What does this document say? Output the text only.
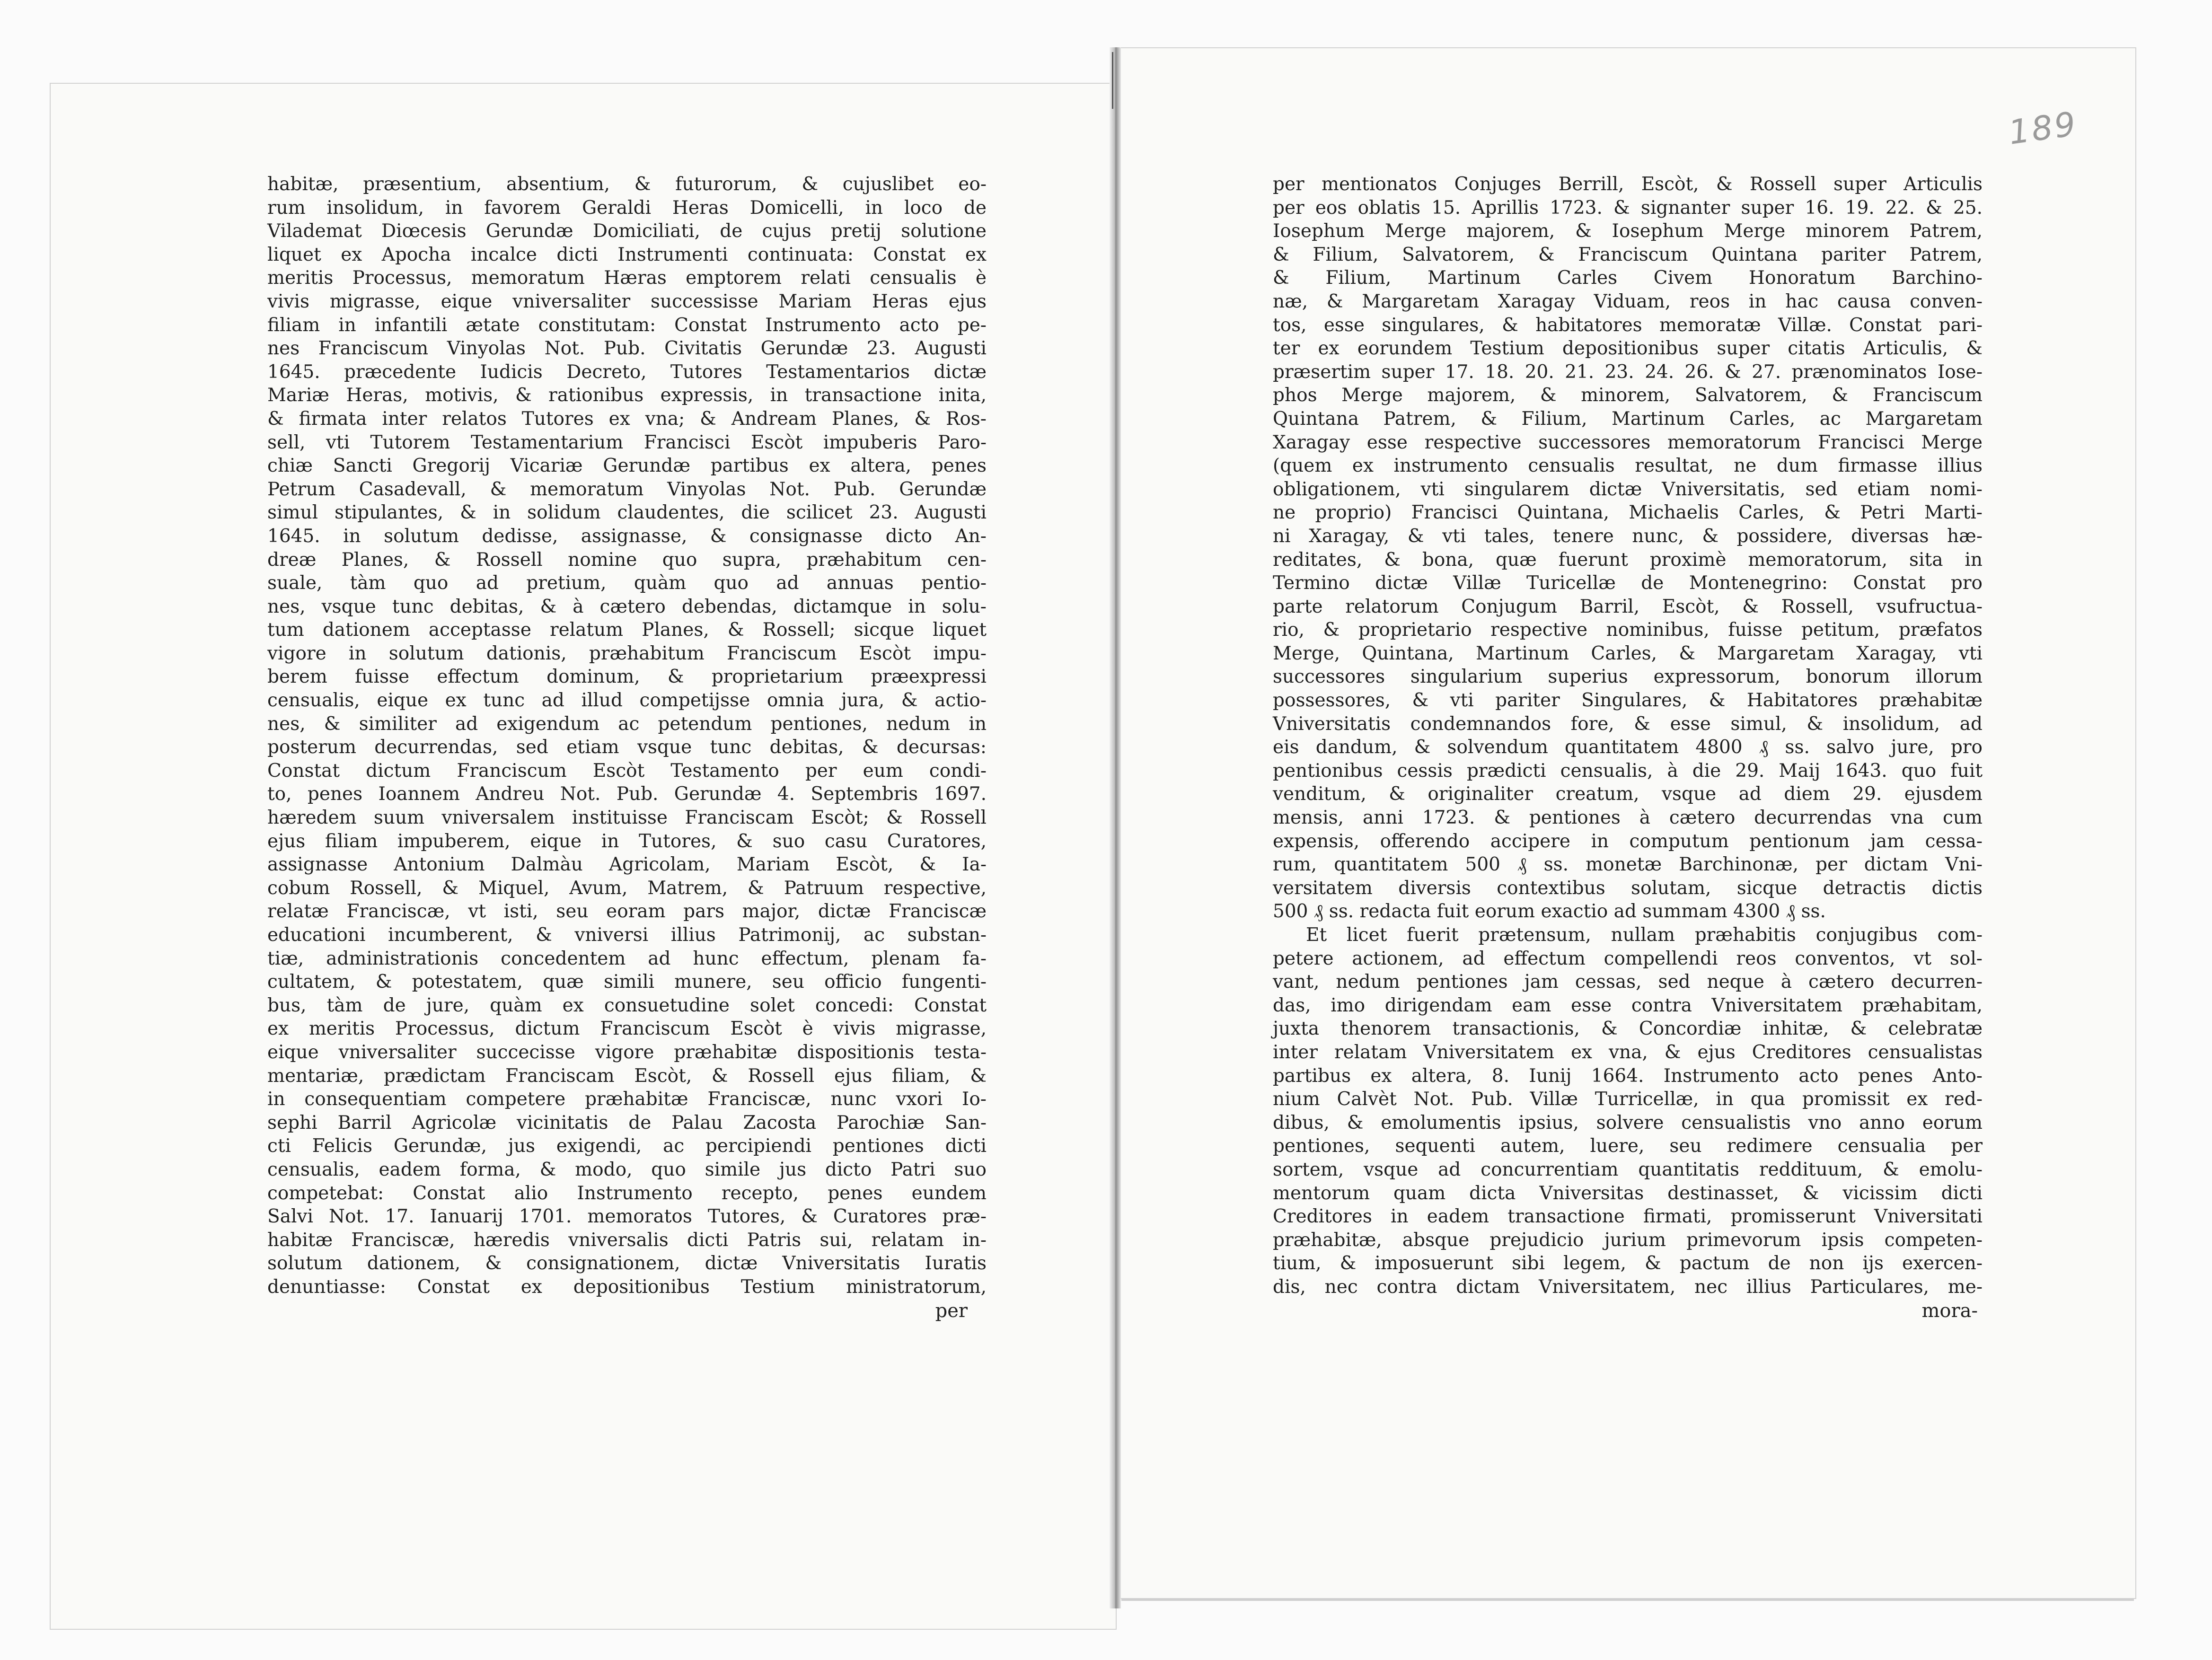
189
habitæ, præsentium, absentium, & futurorum, & cujuslibet eo-
rum insolidum, in favorem Geraldi Heras Domicelli, in loco de
Vilademat Diœcesis Gerundæ Domiciliati, de cujus pretij solutione
liquet ex Apocha incalce dicti Instrumenti continuata: Constat ex
meritis Processus, memoratum Hæras emptorem relati censualis è
vivis migrasse, eique vniversaliter successisse Mariam Heras ejus
filiam in infantili ætate constitutam: Constat Instrumento acto pe-
nes Franciscum Vinyolas Not. Pub. Civitatis Gerundæ 23. Augusti
1645. præcedente Iudicis Decreto, Tutores Testamentarios dictæ
Mariæ Heras, motivis, & rationibus expressis, in transactione inita,
& firmata inter relatos Tutores ex vna; & Andream Planes, & Ros-
sell, vti Tutorem Testamentarium Francisci Escòt impuberis Paro-
chiæ Sancti Gregorij Vicariæ Gerundæ partibus ex altera, penes
Petrum Casadevall, & memoratum Vinyolas Not. Pub. Gerundæ
simul stipulantes, & in solidum claudentes, die scilicet 23. Augusti
1645. in solutum dedisse, assignasse, & consignasse dicto An-
dreæ Planes, & Rossell nomine quo supra, præhabitum cen-
suale, tàm quo ad pretium, quàm quo ad annuas pentio-
nes, vsque tunc debitas, & à cætero debendas, dictamque in solu-
tum dationem acceptasse relatum Planes, & Rossell; sicque liquet
vigore in solutum dationis, præhabitum Franciscum Escòt impu-
berem fuisse effectum dominum, & proprietarium præexpressi
censualis, eique ex tunc ad illud competijsse omnia jura, & actio-
nes, & similiter ad exigendum ac petendum pentiones, nedum in
posterum decurrendas, sed etiam vsque tunc debitas, & decursas:
Constat dictum Franciscum Escòt Testamento per eum condi-
to, penes Ioannem Andreu Not. Pub. Gerundæ 4. Septembris 1697.
hæredem suum vniversalem instituisse Franciscam Escòt; & Rossell
ejus filiam impuberem, eique in Tutores, & suo casu Curatores,
assignasse Antonium Dalmàu Agricolam, Mariam Escòt, & Ia-
cobum Rossell, & Miquel, Avum, Matrem, & Patruum respective,
relatæ Franciscæ, vt isti, seu eoram pars major, dictæ Franciscæ
educationi incumberent, & vniversi illius Patrimonij, ac substan-
tiæ, administrationis concedentem ad hunc effectum, plenam fa-
cultatem, & potestatem, quæ simili munere, seu officio fungenti-
bus, tàm de jure, quàm ex consuetudine solet concedi: Constat
ex meritis Processus, dictum Franciscum Escòt è vivis migrasse,
eique vniversaliter succecisse vigore præhabitæ dispositionis testa-
mentariæ, prædictam Franciscam Escòt, & Rossell ejus filiam, &
in consequentiam competere præhabitæ Franciscæ, nunc vxori Io-
sephi Barril Agricolæ vicinitatis de Palau Zacosta Parochiæ San-
cti Felicis Gerundæ, jus exigendi, ac percipiendi pentiones dicti
censualis, eadem forma, & modo, quo simile jus dicto Patri suo
competebat: Constat alio Instrumento recepto, penes eundem
Salvi Not. 17. Ianuarij 1701. memoratos Tutores, & Curatores præ-
habitæ Franciscæ, hæredis vniversalis dicti Patris sui, relatam in-
solutum dationem, & consignationem, dictæ Vniversitatis Iuratis
denuntiasse: Constat ex depositionibus Testium ministratorum,
per
per mentionatos Conjuges Berrill, Escòt, & Rossell super Articulis
per eos oblatis 15. Aprillis 1723. & signanter super 16. 19. 22. & 25.
Iosephum Merge majorem, & Iosephum Merge minorem Patrem,
& Filium, Salvatorem, & Franciscum Quintana pariter Patrem,
& Filium, Martinum Carles Civem Honoratum Barchino-
næ, & Margaretam Xaragay Viduam, reos in hac causa conven-
tos, esse singulares, & habitatores memoratæ Villæ. Constat pari-
ter ex eorundem Testium depositionibus super citatis Articulis, &
præsertim super 17. 18. 20. 21. 23. 24. 26. & 27. prænominatos Iose-
phos Merge majorem, & minorem, Salvatorem, & Franciscum
Quintana Patrem, & Filium, Martinum Carles, ac Margaretam
Xaragay esse respective successores memoratorum Francisci Merge
(quem ex instrumento censualis resultat, ne dum firmasse illius
obligationem, vti singularem dictæ Vniversitatis, sed etiam nomi-
ne proprio) Francisci Quintana, Michaelis Carles, & Petri Marti-
ni Xaragay, & vti tales, tenere nunc, & possidere, diversas hæ-
reditates, & bona, quæ fuerunt proximè memoratorum, sita in
Termino dictæ Villæ Turicellæ de Montenegrino: Constat pro
parte relatorum Conjugum Barril, Escòt, & Rossell, vsufructua-
rio, & proprietario respective nominibus, fuisse petitum, præfatos
Merge, Quintana, Martinum Carles, & Margaretam Xaragay, vti
successores singularium superius expressorum, bonorum illorum
possessores, & vti pariter Singulares, & Habitatores præhabitæ
Vniversitatis condemnandos fore, & esse simul, & insolidum, ad
eis dandum, & solvendum quantitatem 4800 ₰ ss. salvo jure, pro
pentionibus cessis prædicti censualis, à die 29. Maij 1643. quo fuit
venditum, & originaliter creatum, vsque ad diem 29. ejusdem
mensis, anni 1723. & pentiones à cætero decurrendas vna cum
expensis, offerendo accipere in computum pentionum jam cessa-
rum, quantitatem 500 ₰ ss. monetæ Barchinonæ, per dictam Vni-
versitatem diversis contextibus solutam, sicque detractis dictis
500 ₰ ss. redacta fuit eorum exactio ad summam 4300 ₰ ss.
Et licet fuerit prætensum, nullam præhabitis conjugibus com-
petere actionem, ad effectum compellendi reos conventos, vt sol-
vant, nedum pentiones jam cessas, sed neque à cætero decurren-
das, imo dirigendam eam esse contra Vniversitatem præhabitam,
juxta thenorem transactionis, & Concordiæ inhitæ, & celebratæ
inter relatam Vniversitatem ex vna, & ejus Creditores censualistas
partibus ex altera, 8. Iunij 1664. Instrumento acto penes Anto-
nium Calvèt Not. Pub. Villæ Turricellæ, in qua promissit ex red-
dibus, & emolumentis ipsius, solvere censualistis vno anno eorum
pentiones, sequenti autem, luere, seu redimere censualia per
sortem, vsque ad concurrentiam quantitatis reddituum, & emolu-
mentorum quam dicta Vniversitas destinasset, & vicissim dicti
Creditores in eadem transactione firmati, promisserunt Vniversitati
præhabitæ, absque prejudicio jurium primevorum ipsis competen-
tium, & imposuerunt sibi legem, & pactum de non ijs exercen-
dis, nec contra dictam Vniversitatem, nec illius Particulares, me-
mora-
